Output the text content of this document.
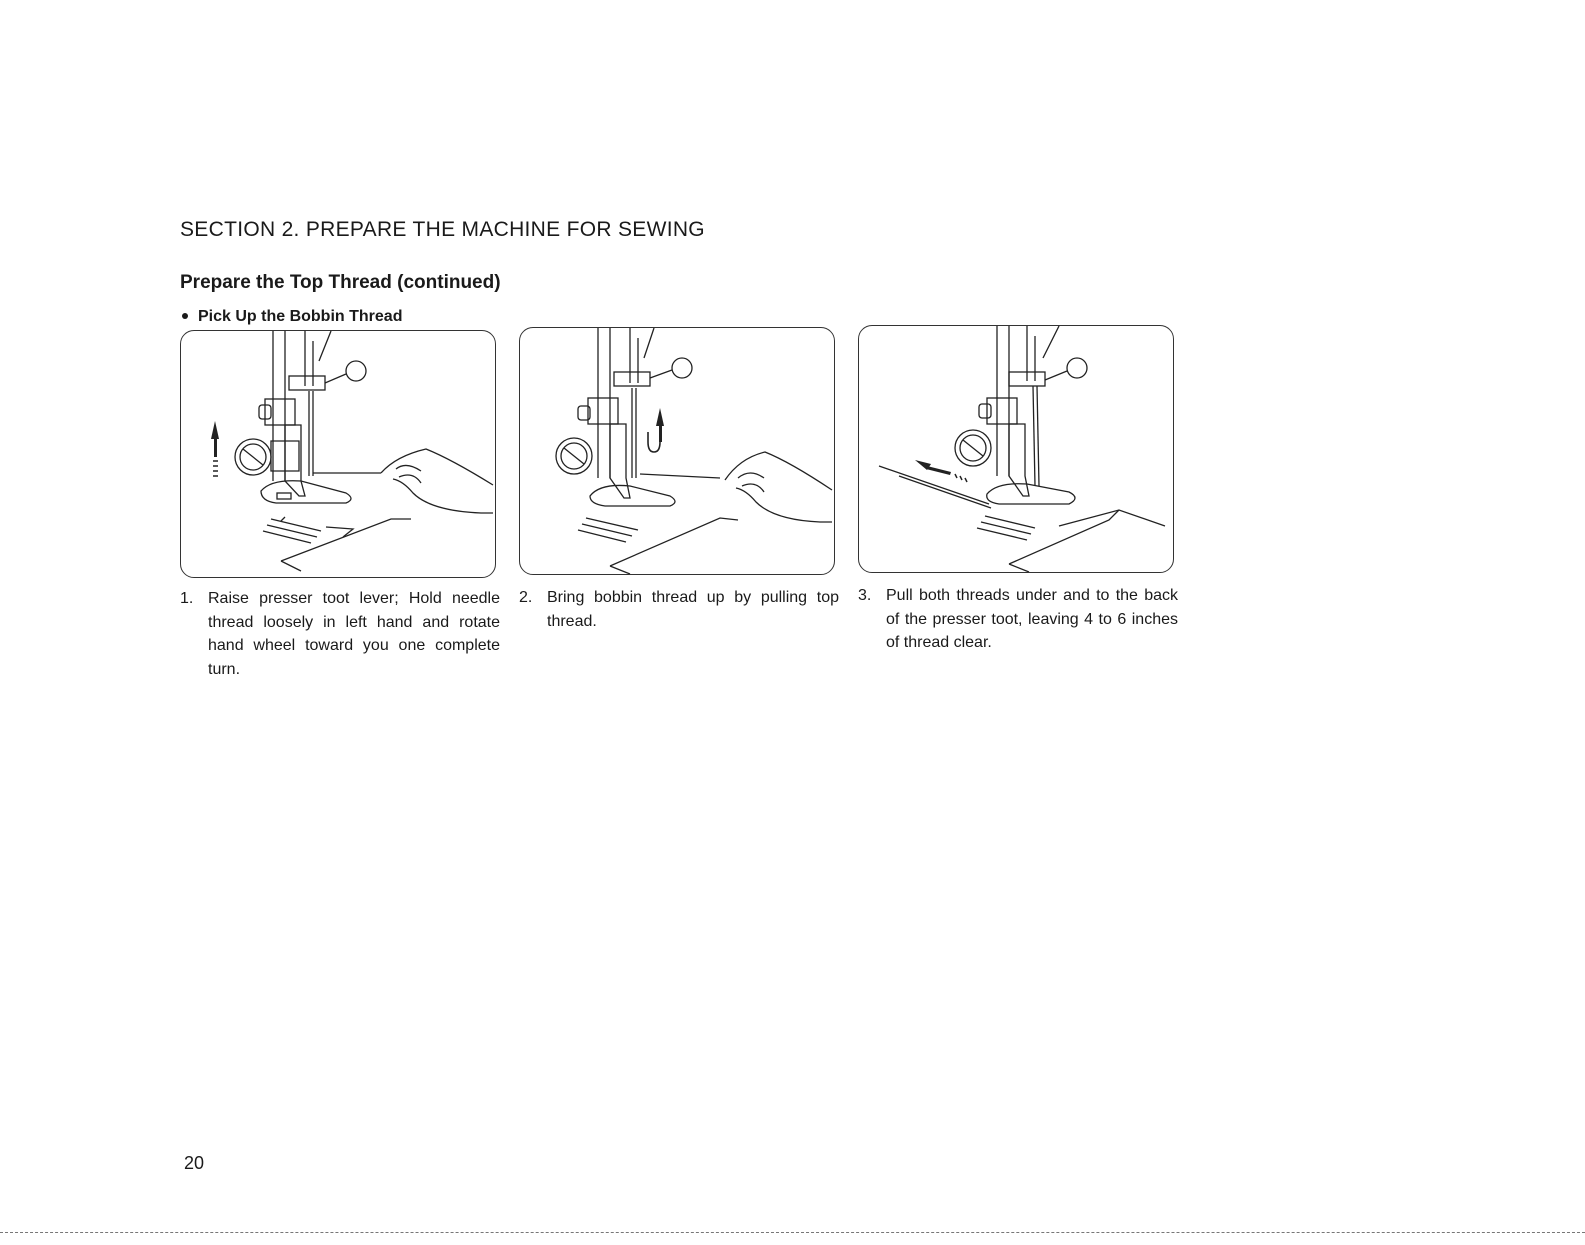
SECTION 2. PREPARE THE MACHINE FOR SEWING
Prepare the Top Thread (continued)
Pick Up the Bobbin Thread
1. Raise presser toot lever; Hold needle thread loosely in left hand and rotate hand wheel toward you one complete turn.
2. Bring bobbin thread up by pulling top thread.
3. Pull both threads under and to the back of the presser toot, leaving 4 to 6 inches of thread clear.
20
